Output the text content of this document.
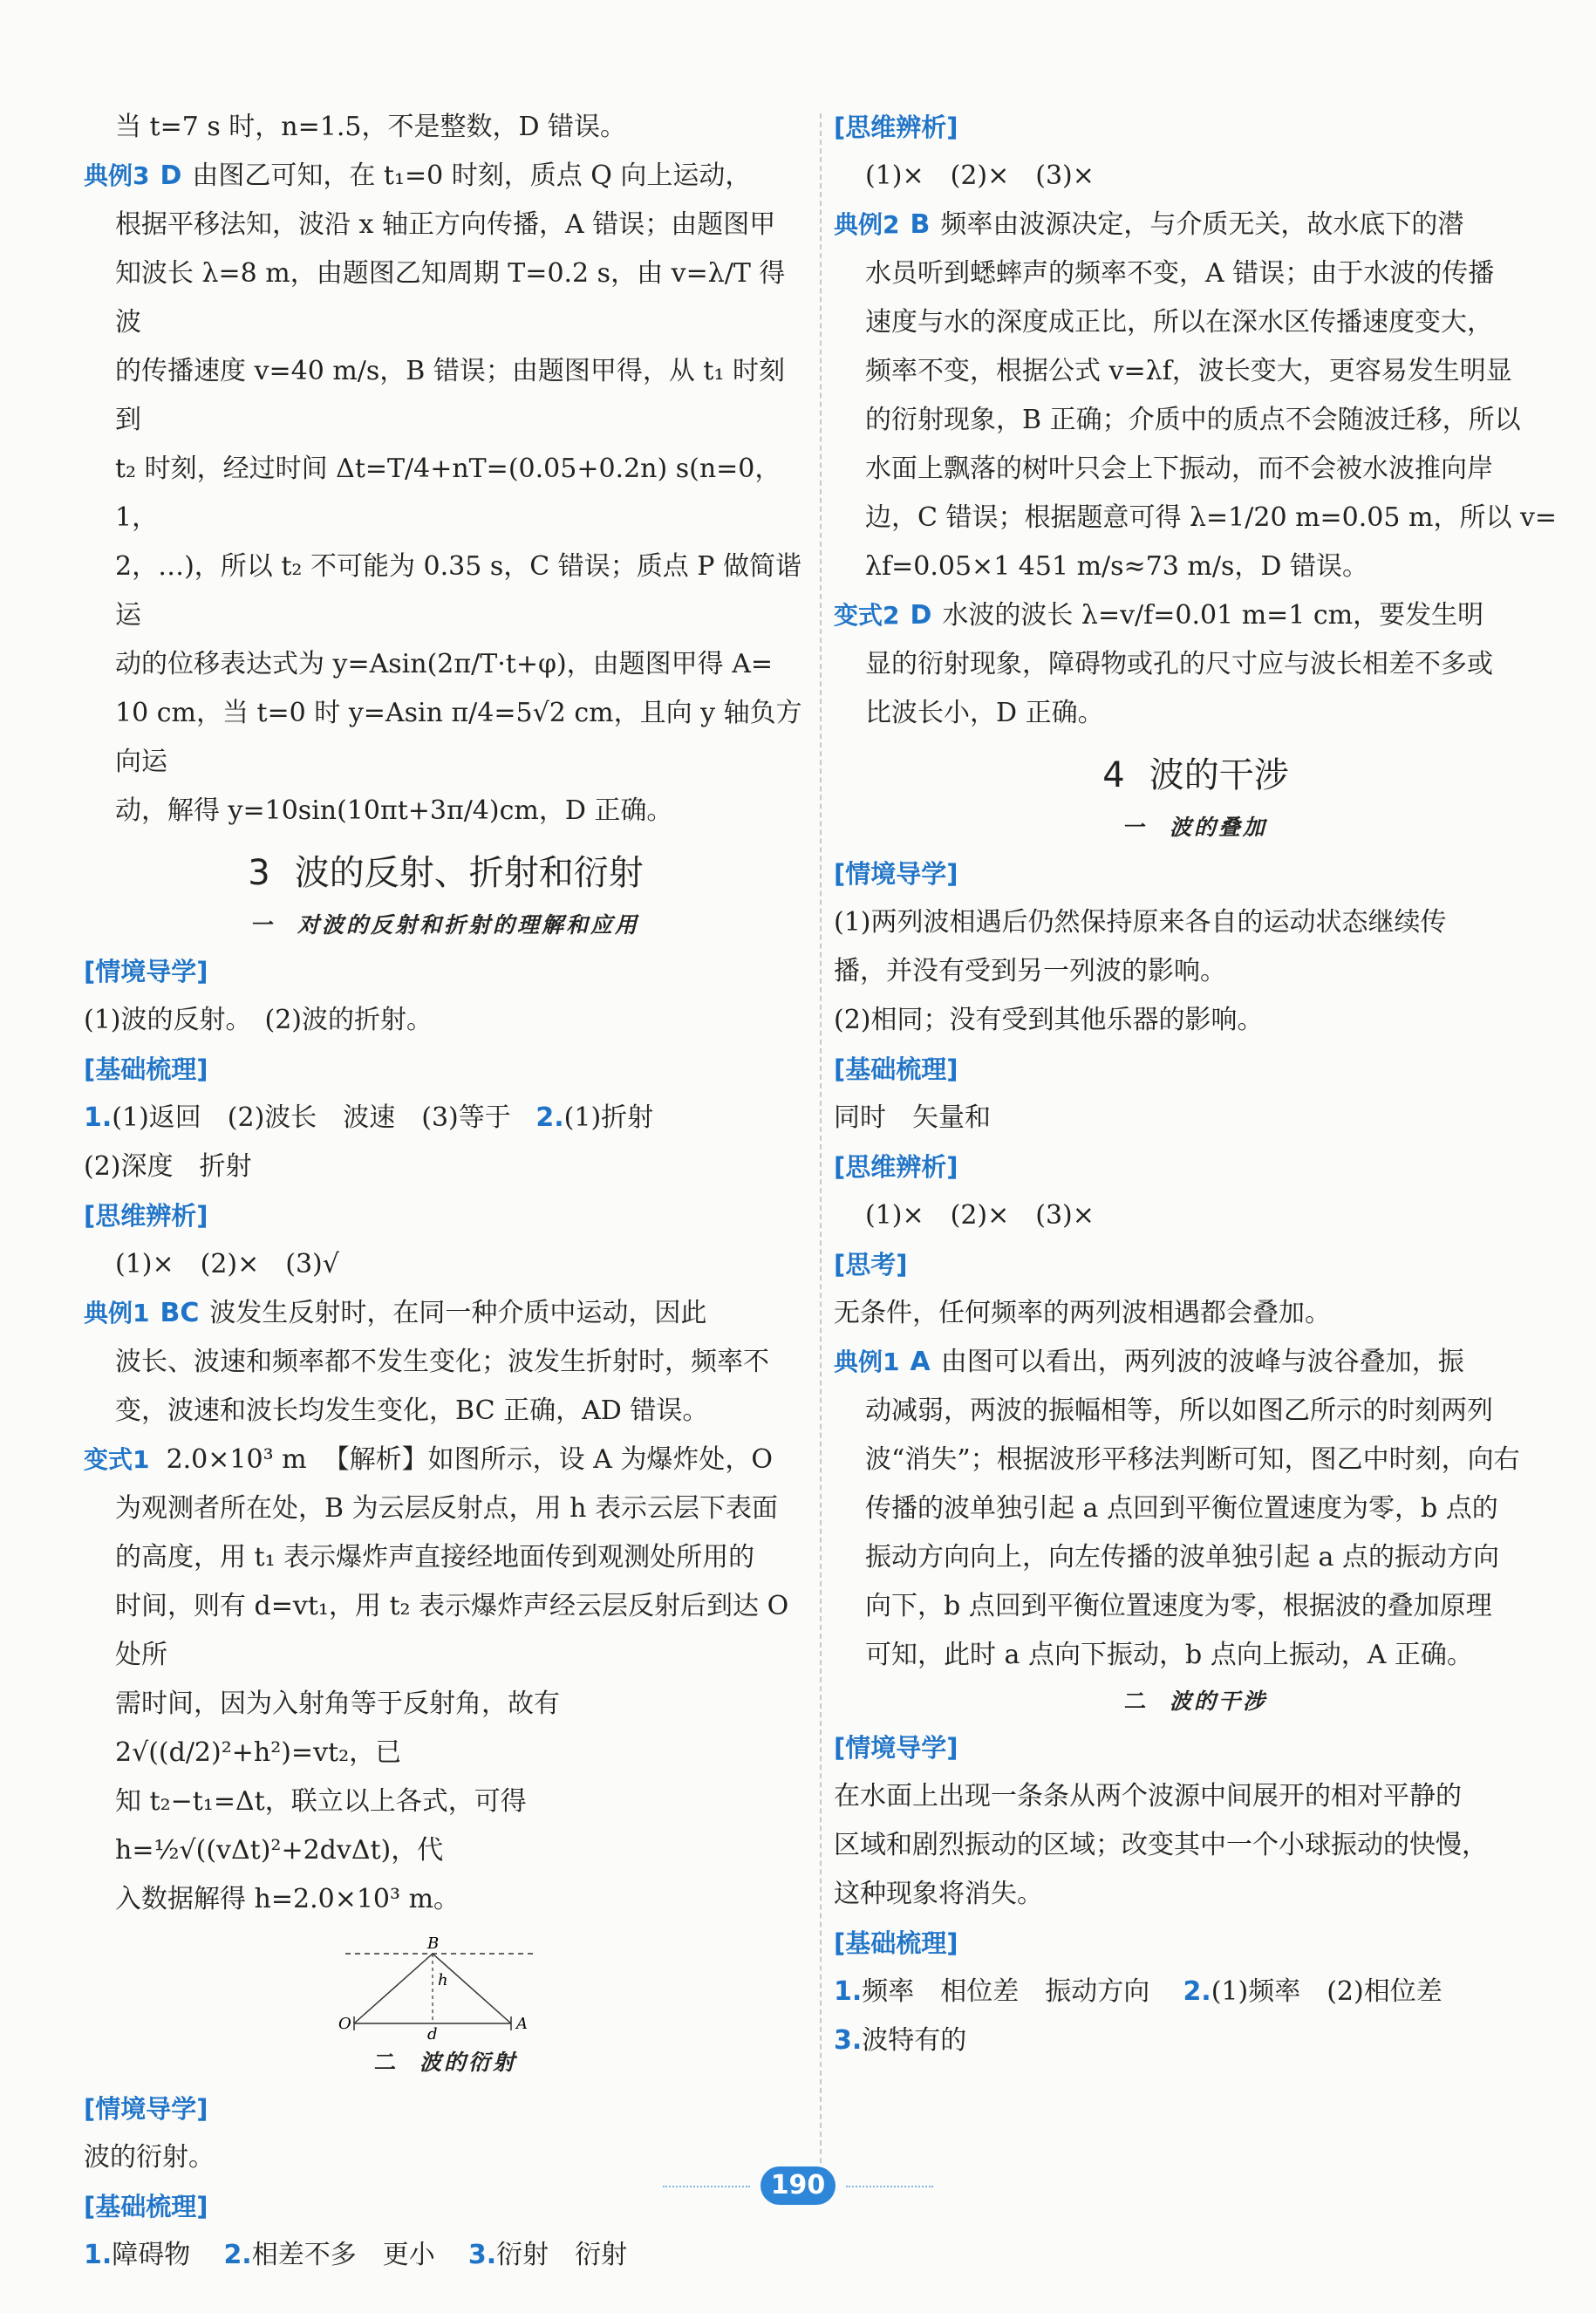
当 t=7 s 时，n=1.5，不是整数，D 错误。

典例3 D 由图乙可知，在 t₁=0 时刻，质点 Q 向上运动，

根据平移法知，波沿 x 轴正方向传播，A 错误；由题图甲

知波长 λ=8 m，由题图乙知周期 T=0.2 s，由 v=λ/T 得波

的传播速度 v=40 m/s，B 错误；由题图甲得，从 t₁ 时刻到

t₂ 时刻，经过时间 Δt=T/4+nT=(0.05+0.2n) s(n=0，1，

2，…)，所以 t₂ 不可能为 0.35 s，C 错误；质点 P 做简谐运

动的位移表达式为 y=Asin(2π/T·t+φ)，由题图甲得 A=

10 cm，当 t=0 时 y=Asin π/4=5√2 cm，且向 y 轴负方向运

动，解得 y=10sin(10πt+3π/4)cm，D 正确。

3 波的反射、折射和衍射

一 对波的反射和折射的理解和应用

[情境导学]

(1)波的反射。　(2)波的折射。

[基础梳理]

1.(1)返回　(2)波长　波速　(3)等于 2.(1)折射

(2)深度　折射

[思维辨析]

(1)×　(2)×　(3)√

典例1 BC 波发生反射时，在同一种介质中运动，因此

波长、波速和频率都不发生变化；波发生折射时，频率不

变，波速和波长均发生变化，BC 正确，AD 错误。

变式1 2.0×10³ m 【解析】如图所示，设 A 为爆炸处，O

为观测者所在处，B 为云层反射点，用 h 表示云层下表面

的高度，用 t₁ 表示爆炸声直接经地面传到观测处所用的

时间，则有 d=vt₁，用 t₂ 表示爆炸声经云层反射后到达 O 处所

需时间，因为入射角等于反射角，故有 2√((d/2)²+h²)=vt₂，已

知 t₂−t₁=Δt，联立以上各式，可得 h=½√((vΔt)²+2dvΔt)，代

入数据解得 h=2.0×10³ m。

B
h
O
d
A

二 波的衍射

[情境导学]

波的衍射。

[基础梳理]

1.障碍物 2.相差不多　更小 3.衍射　衍射

[思维辨析]

(1)×　(2)×　(3)×

典例2 B 频率由波源决定，与介质无关，故水底下的潜

水员听到蟋蟀声的频率不变，A 错误；由于水波的传播

速度与水的深度成正比，所以在深水区传播速度变大，

频率不变，根据公式 v=λf，波长变大，更容易发生明显

的衍射现象，B 正确；介质中的质点不会随波迁移，所以

水面上飘落的树叶只会上下振动，而不会被水波推向岸

边，C 错误；根据题意可得 λ=1/20 m=0.05 m，所以 v=

λf=0.05×1 451 m/s≈73 m/s，D 错误。

变式2 D 水波的波长 λ=v/f=0.01 m=1 cm，要发生明

显的衍射现象，障碍物或孔的尺寸应与波长相差不多或

比波长小，D 正确。

4 波的干涉

一 波的叠加

[情境导学]

(1)两列波相遇后仍然保持原来各自的运动状态继续传

播，并没有受到另一列波的影响。

(2)相同；没有受到其他乐器的影响。

[基础梳理]

同时　矢量和

[思维辨析]

(1)×　(2)×　(3)×

[思考]

无条件，任何频率的两列波相遇都会叠加。

典例1 A 由图可以看出，两列波的波峰与波谷叠加，振

动减弱，两波的振幅相等，所以如图乙所示的时刻两列

波“消失”；根据波形平移法判断可知，图乙中时刻，向右

传播的波单独引起 a 点回到平衡位置速度为零，b 点的

振动方向向上，向左传播的波单独引起 a 点的振动方向

向下，b 点回到平衡位置速度为零，根据波的叠加原理

可知，此时 a 点向下振动，b 点向上振动，A 正确。

二 波的干涉

[情境导学]

在水面上出现一条条从两个波源中间展开的相对平静的

区域和剧烈振动的区域；改变其中一个小球振动的快慢，

这种现象将消失。

[基础梳理]

1.频率　相位差　振动方向 2.(1)频率　(2)相位差

3.波特有的

190
